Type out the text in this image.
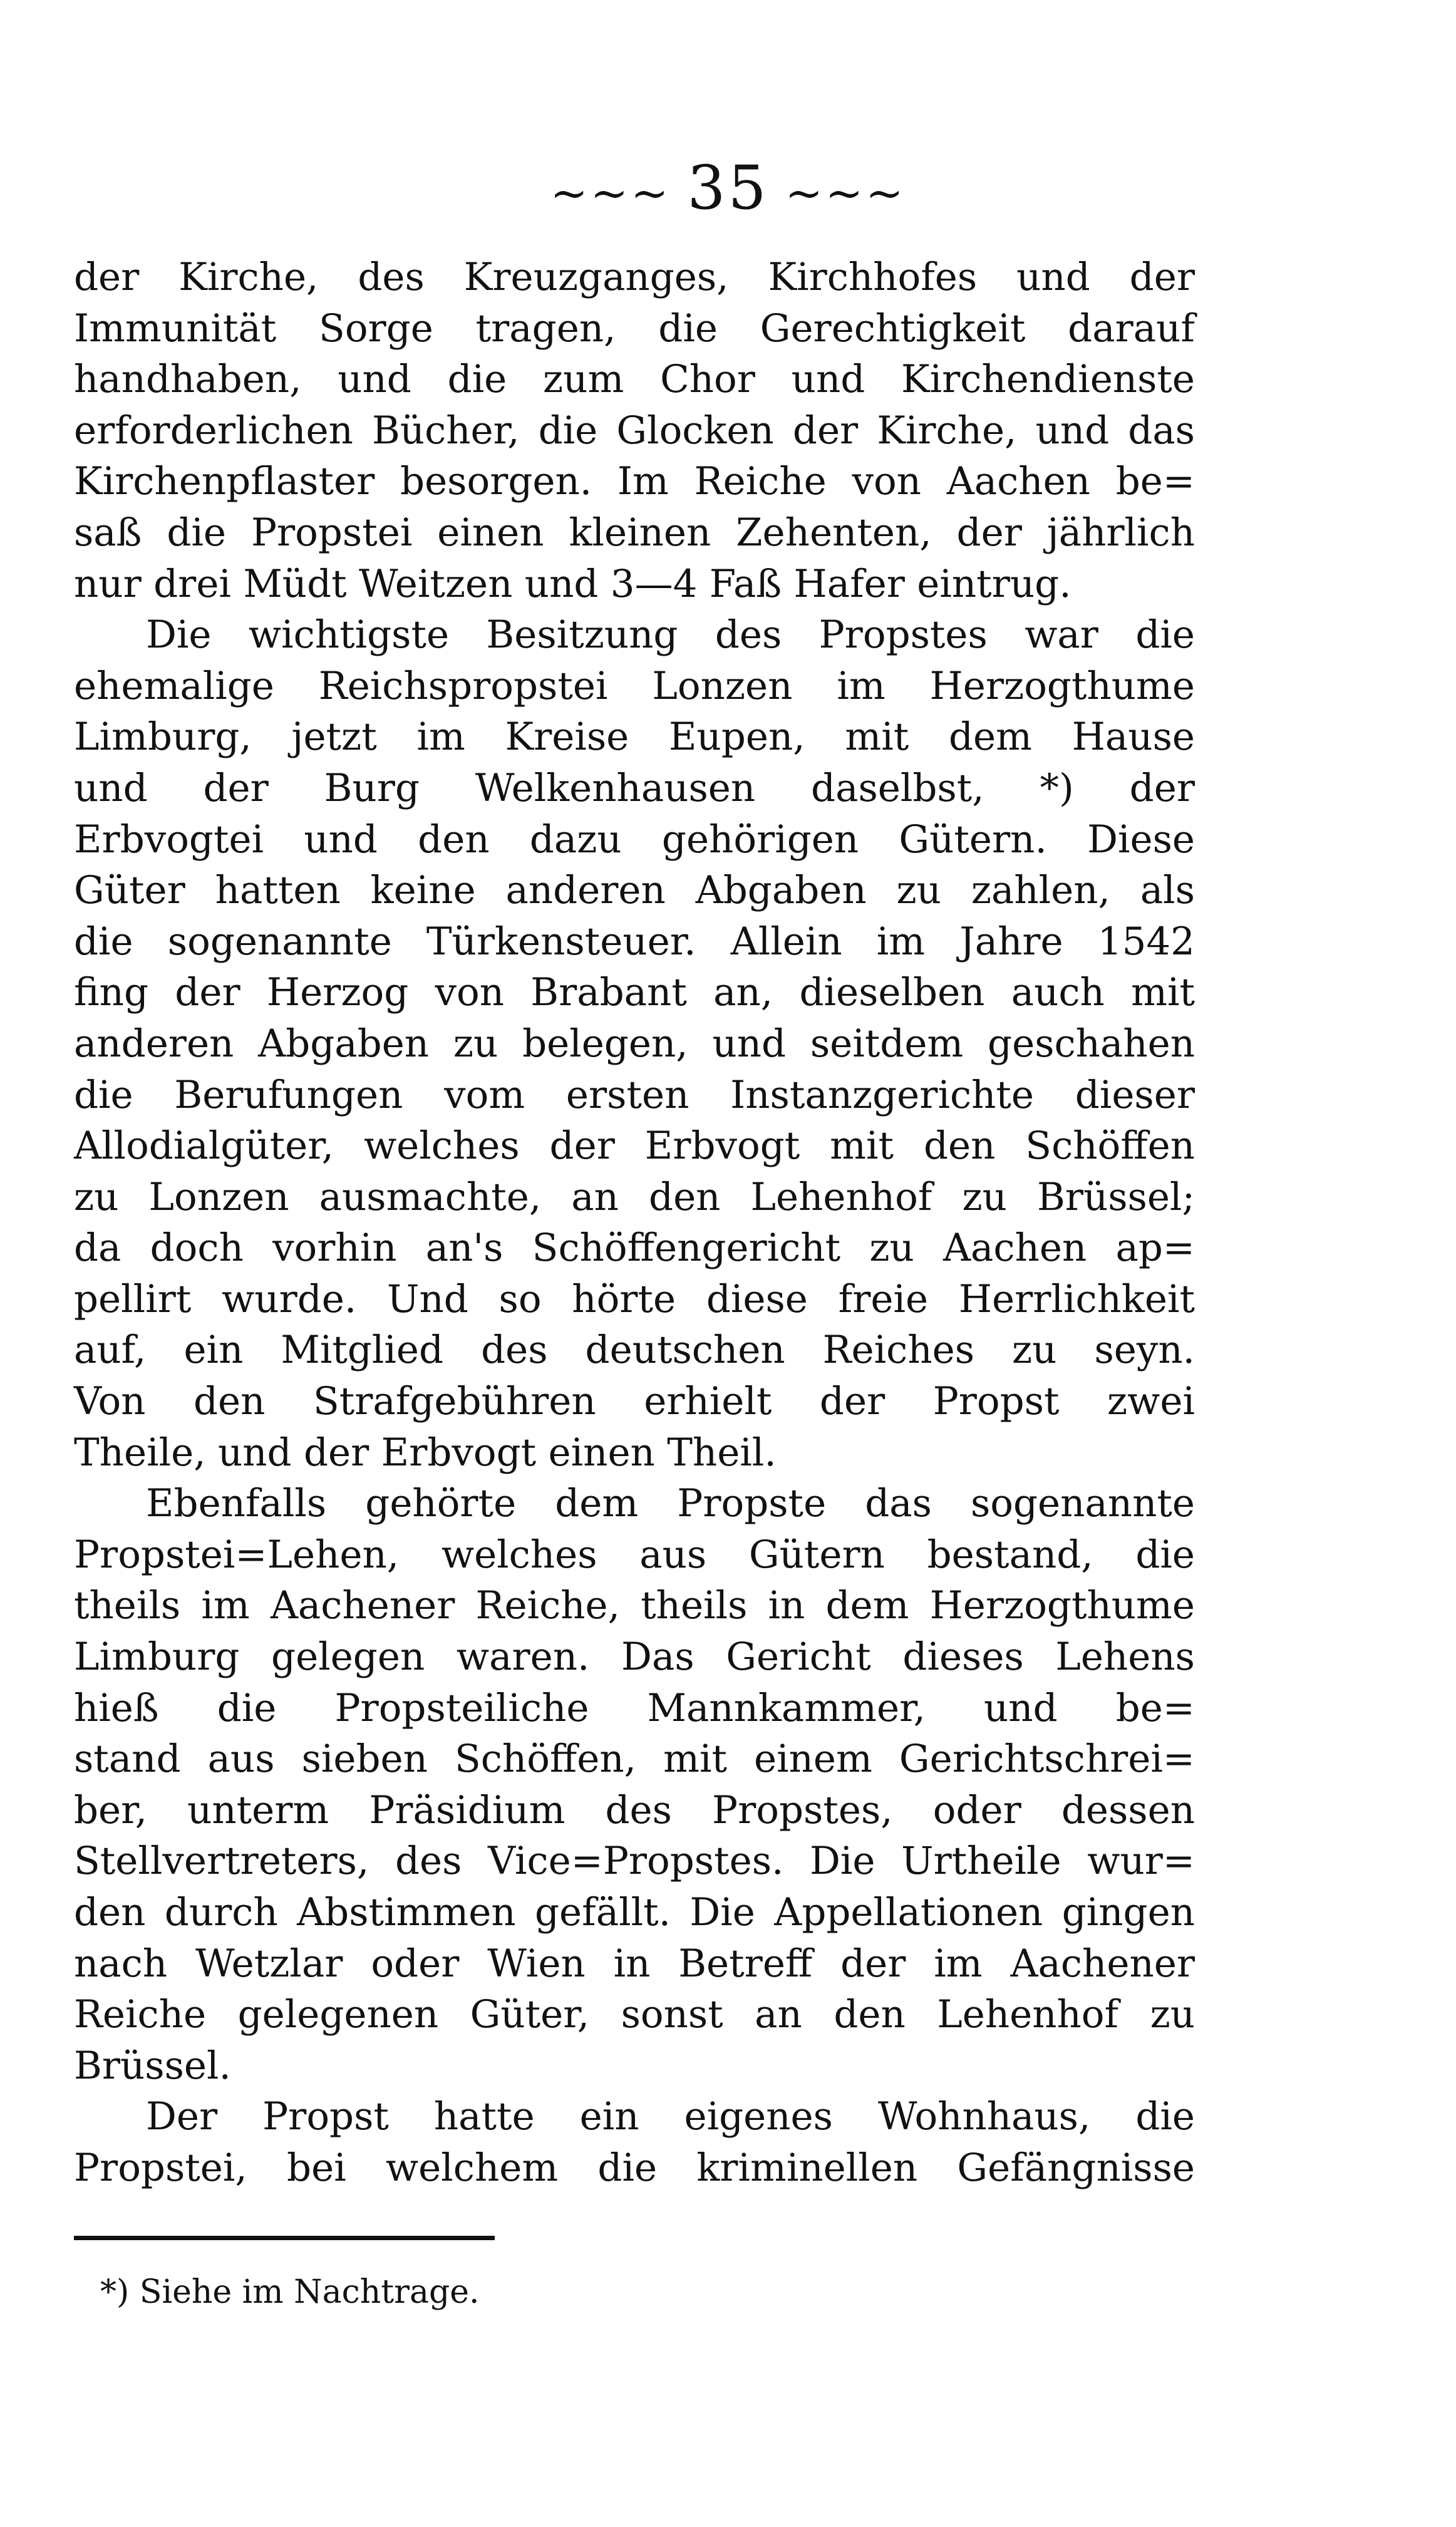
~~~ 35 ~~~
der Kirche, des Kreuzganges, Kirchhofes und der
Immunität Sorge tragen, die Gerechtigkeit darauf
handhaben, und die zum Chor und Kirchendienste
erforderlichen Bücher, die Glocken der Kirche, und das
Kirchenpflaster besorgen. Im Reiche von Aachen be=
saß die Propstei einen kleinen Zehenten, der jährlich
nur drei Müdt Weitzen und 3—4 Faß Hafer eintrug.
Die wichtigste Besitzung des Propstes war die
ehemalige Reichspropstei Lonzen im Herzogthume
Limburg, jetzt im Kreise Eupen, mit dem Hause
und der Burg Welkenhausen daselbst, *) der
Erbvogtei und den dazu gehörigen Gütern. Diese
Güter hatten keine anderen Abgaben zu zahlen, als
die sogenannte Türkensteuer. Allein im Jahre 1542
fing der Herzog von Brabant an, dieselben auch mit
anderen Abgaben zu belegen, und seitdem geschahen
die Berufungen vom ersten Instanzgerichte dieser
Allodialgüter, welches der Erbvogt mit den Schöffen
zu Lonzen ausmachte, an den Lehenhof zu Brüssel;
da doch vorhin an's Schöffengericht zu Aachen ap=
pellirt wurde. Und so hörte diese freie Herrlichkeit
auf, ein Mitglied des deutschen Reiches zu seyn.
Von den Strafgebühren erhielt der Propst zwei
Theile, und der Erbvogt einen Theil.
Ebenfalls gehörte dem Propste das sogenannte
Propstei=Lehen, welches aus Gütern bestand, die
theils im Aachener Reiche, theils in dem Herzogthume
Limburg gelegen waren. Das Gericht dieses Lehens
hieß die Propsteiliche Mannkammer, und be=
stand aus sieben Schöffen, mit einem Gerichtschrei=
ber, unterm Präsidium des Propstes, oder dessen
Stellvertreters, des Vice=Propstes. Die Urtheile wur=
den durch Abstimmen gefällt. Die Appellationen gingen
nach Wetzlar oder Wien in Betreff der im Aachener
Reiche gelegenen Güter, sonst an den Lehenhof zu
Brüssel.
Der Propst hatte ein eigenes Wohnhaus, die
Propstei, bei welchem die kriminellen Gefängnisse
*) Siehe im Nachtrage.
